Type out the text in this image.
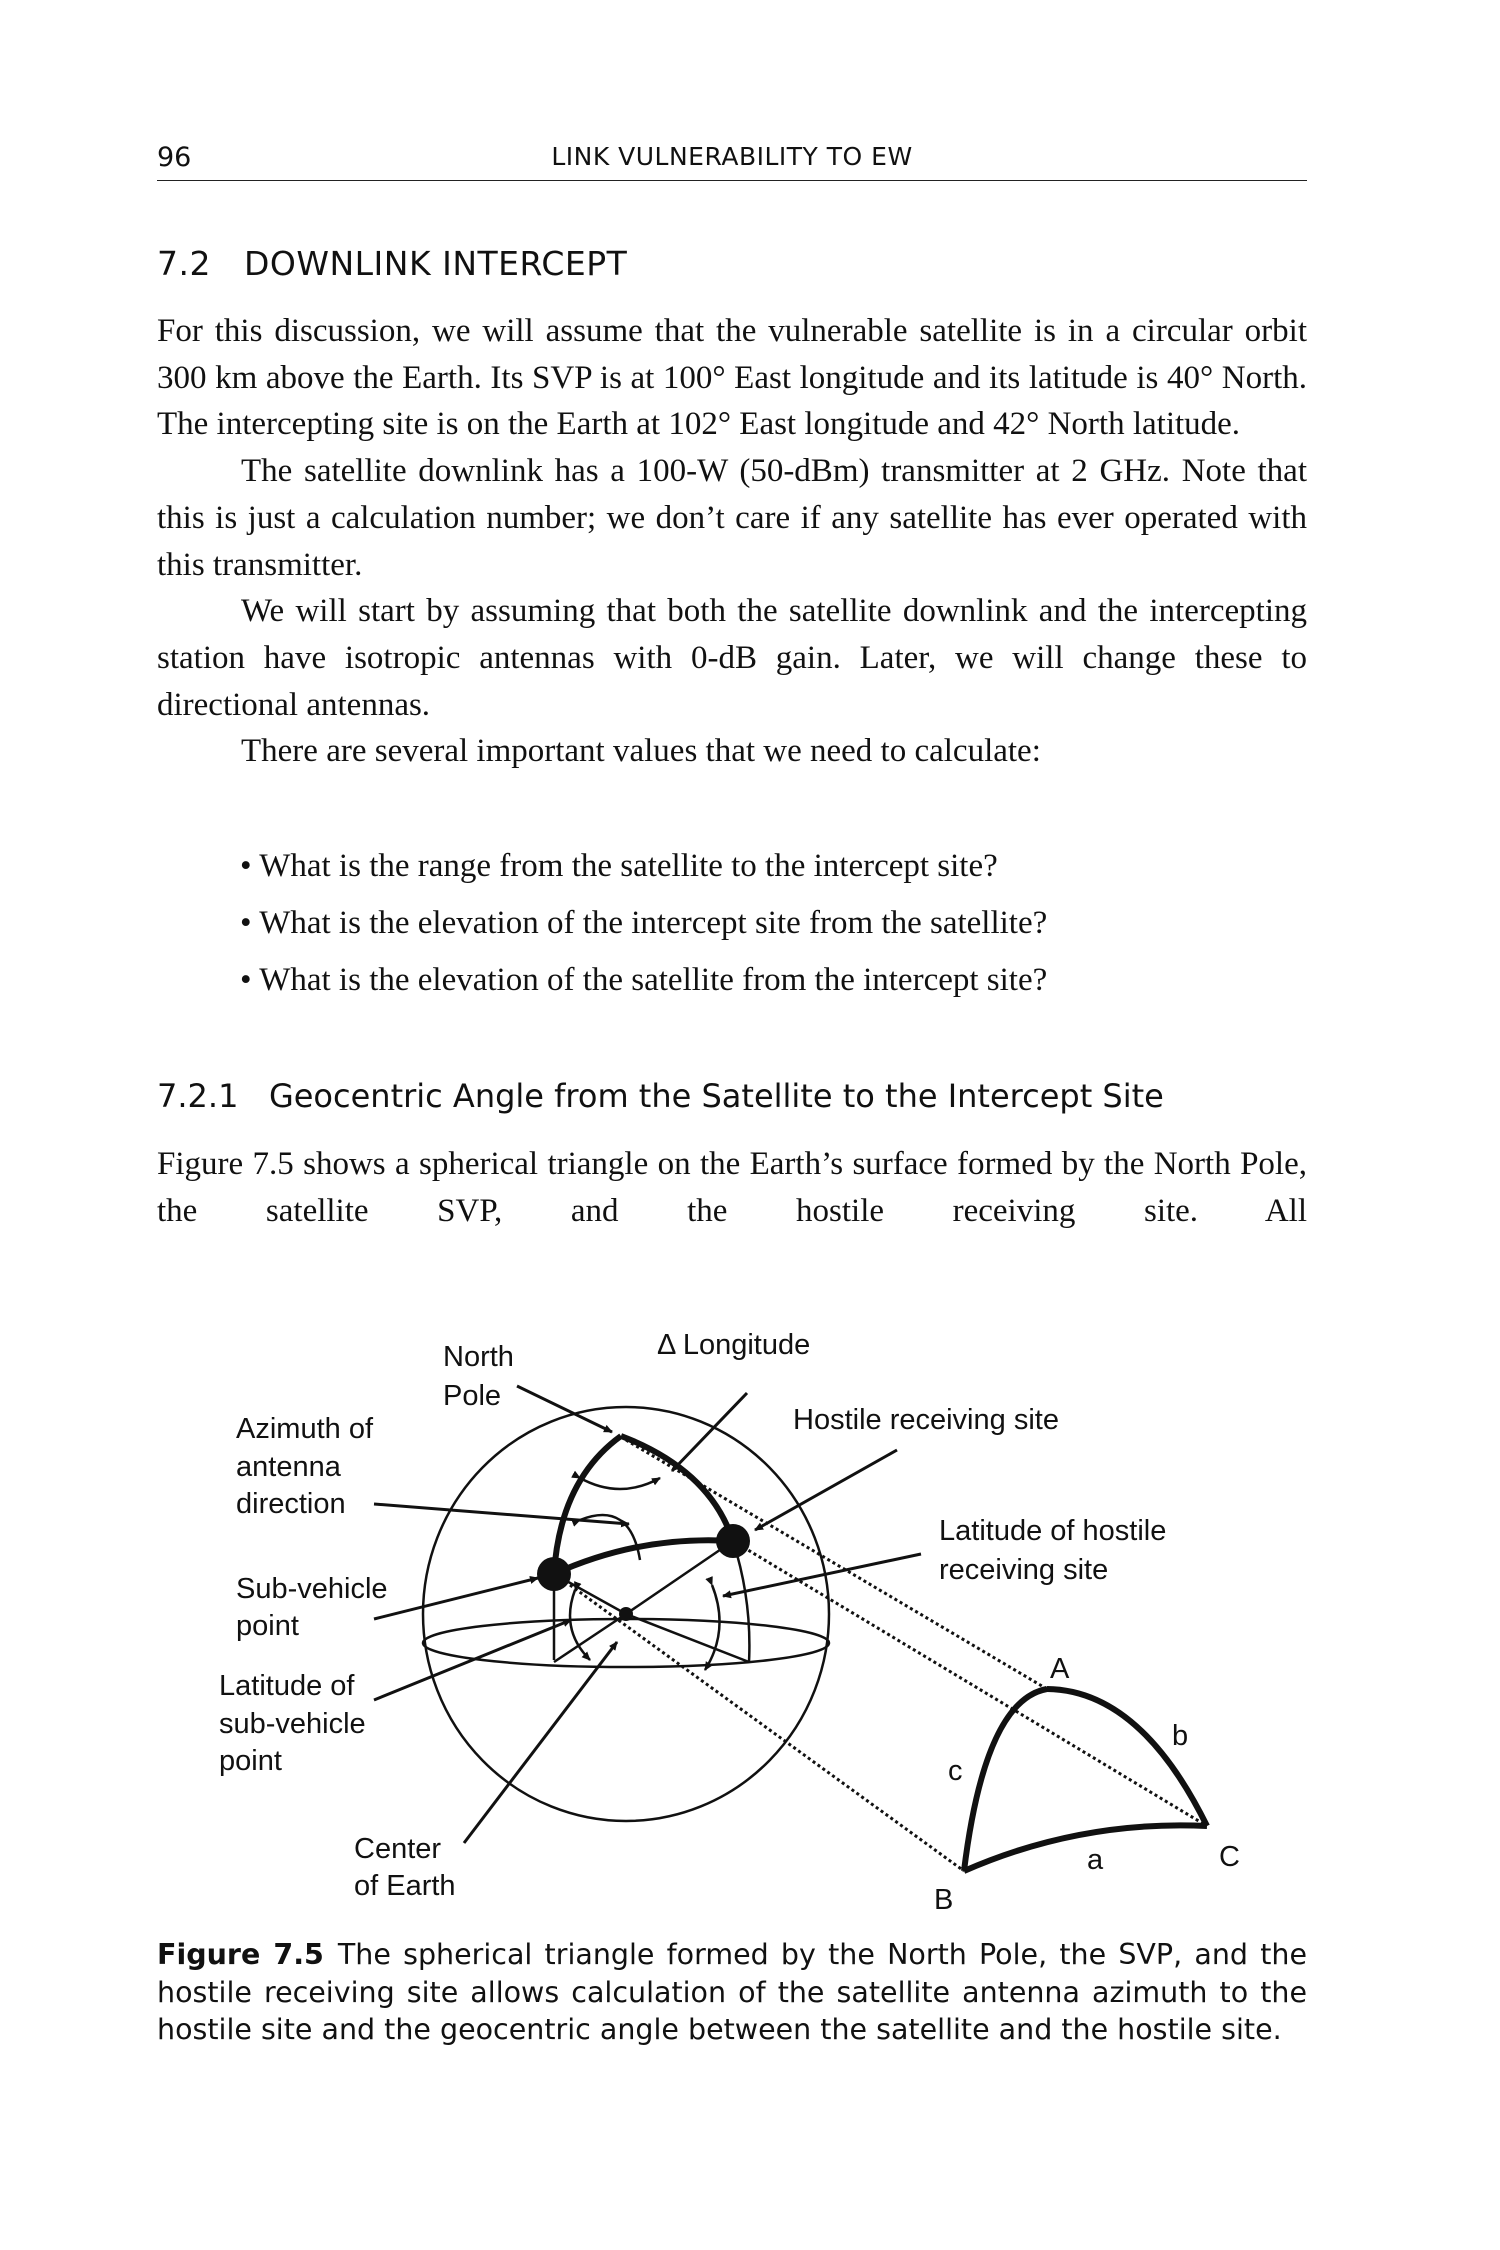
96	LINK VULNERABILITY TO EW
7.2 DOWNLINK INTERCEPT

For this discussion, we will assume that the vulnerable satellite is in a circular orbit 300 km above the Earth. Its SVP is at 100° East longitude and its latitude is 40° North. The intercepting site is on the Earth at 102° East longitude and 42° North latitude.

The satellite downlink has a 100-W (50-dBm) transmitter at 2 GHz. Note that this is just a calculation number; we don’t care if any satellite has ever operated with this transmitter.

We will start by assuming that both the satellite downlink and the intercepting station have isotropic antennas with 0-dB gain. Later, we will change these to directional antennas.

There are several important values that we need to calculate:

• What is the range from the satellite to the intercept site?
• What is the elevation of the intercept site from the satellite?
• What is the elevation of the satellite from the intercept site?
7.2.1 Geocentric Angle from the Satellite to the Intercept Site

Figure 7.5 shows a spherical triangle on the Earth’s surface formed by the North Pole, the satellite SVP, and the hostile receiving site. All

North
Pole
Δ Longitude
Azimuth of
antenna
direction
Hostile receiving site
Latitude of hostile
receiving site
Sub-vehicle
point
Latitude of
sub-vehicle
point
Center
of Earth
A
b
c
a	C
B
Figure 7.5 The spherical triangle formed by the North Pole, the SVP, and the hostile receiving site allows calculation of the satellite antenna azimuth to the hostile site and the geocentric angle between the satellite and the hostile site.
